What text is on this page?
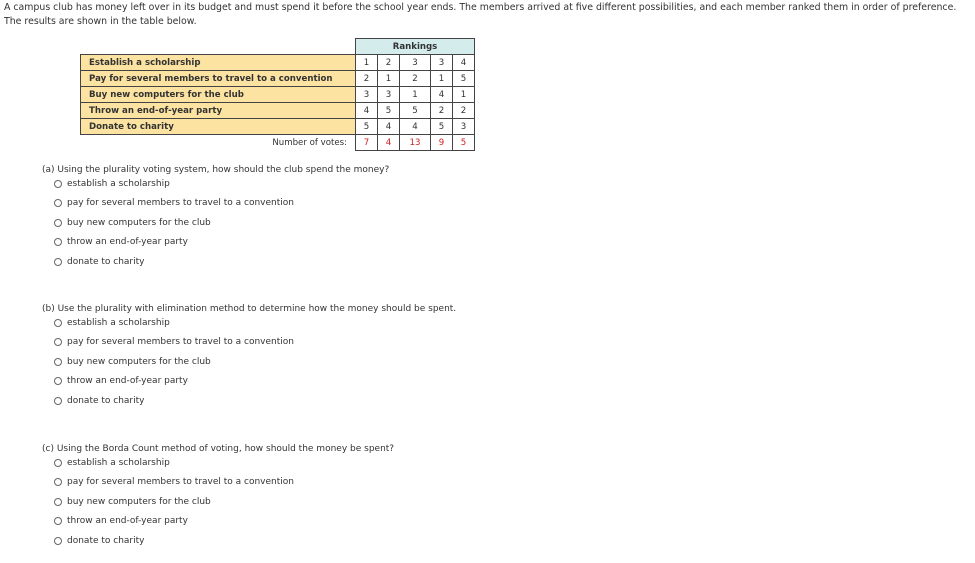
A campus club has money left over in its budget and must spend it before the school year ends. The members arrived at five different possibilities, and each member ranked them in order of preference. The results are shown in the table below.
	Rankings				
Establish a scholarship	1	2	3	3	4
Pay for several members to travel to a convention	2	1	2	1	5
Buy new computers for the club	3	3	1	4	1
Throw an end-of-year party	4	5	5	2	2
Donate to charity	5	4	4	5	3
Number of votes:	7	4	13	9	5
(a) Using the plurality voting system, how should the club spend the money?
establish a scholarship
pay for several members to travel to a convention
buy new computers for the club
throw an end-of-year party
donate to charity
(b) Use the plurality with elimination method to determine how the money should be spent.
establish a scholarship
pay for several members to travel to a convention
buy new computers for the club
throw an end-of-year party
donate to charity
(c) Using the Borda Count method of voting, how should the money be spent?
establish a scholarship
pay for several members to travel to a convention
buy new computers for the club
throw an end-of-year party
donate to charity
